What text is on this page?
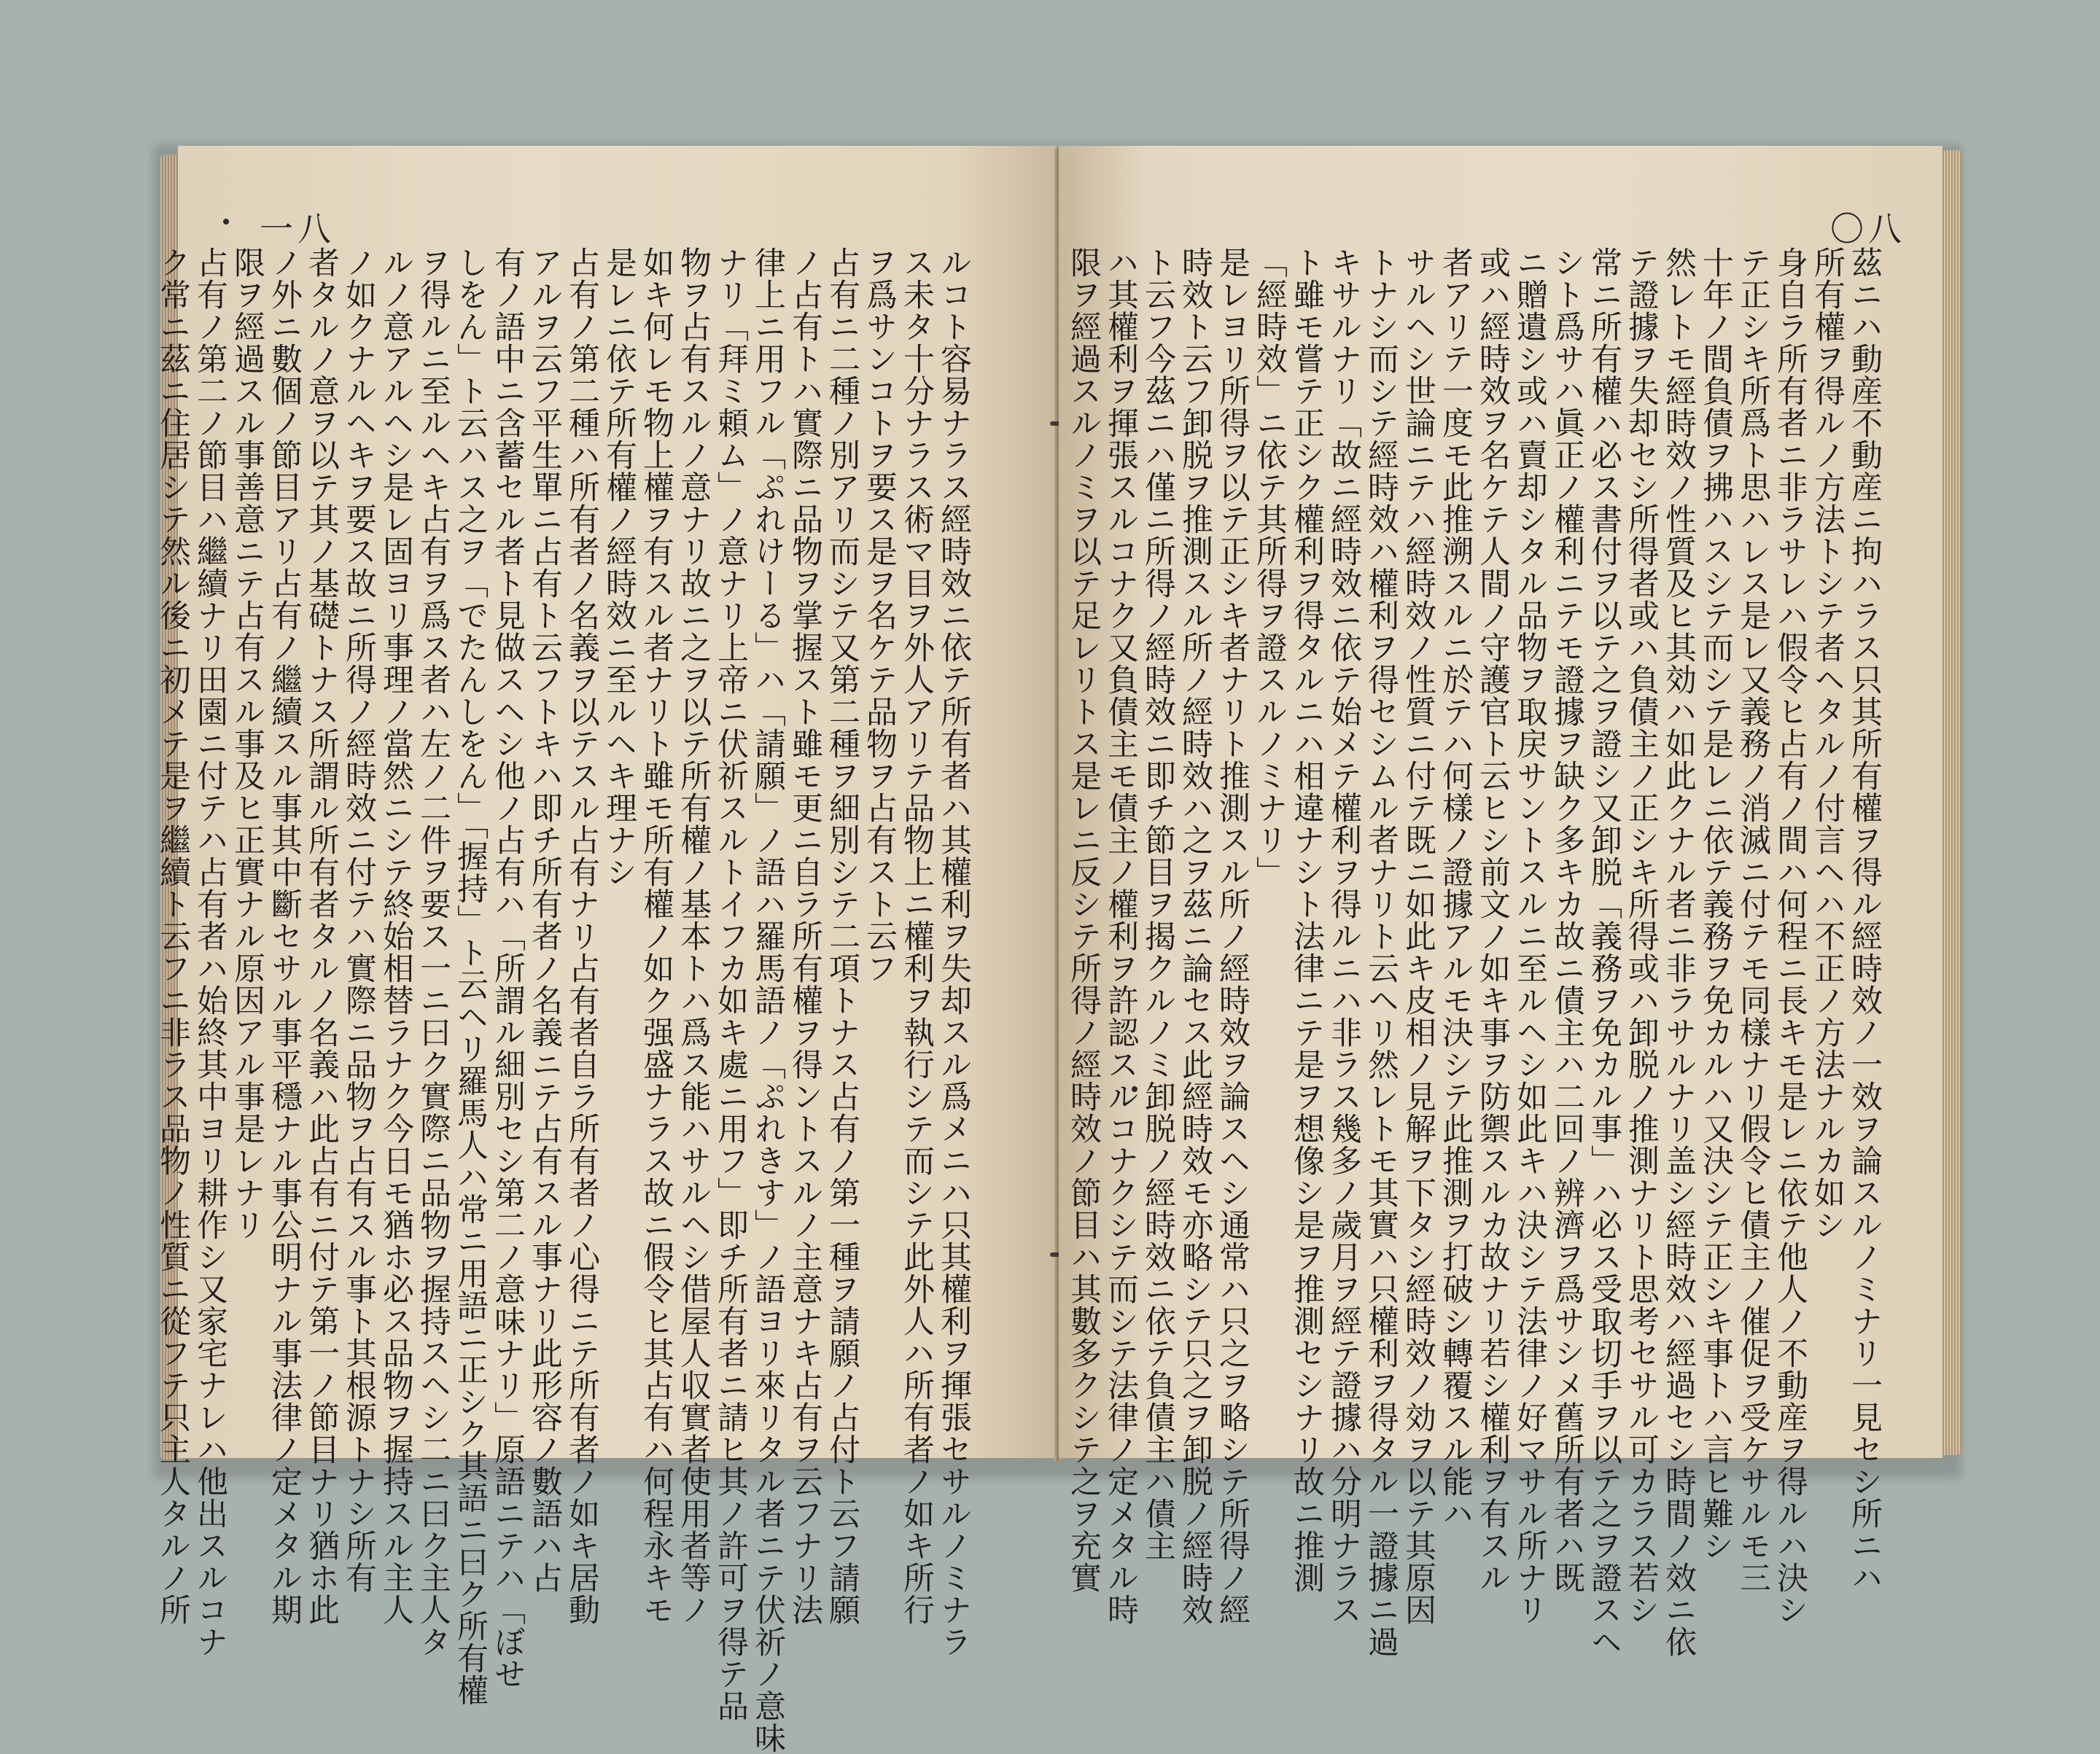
一八
ルコト容易ナラス經時效ニ依テ所有者ハ其權利ヲ失却スル爲メニハ只其權利ヲ揮張セサルノミナラ
ス未タ十分ナラス術マ目ヲ外人アリテ品物上ニ權利ヲ執行シテ而シテ此外人ハ所有者ノ如キ所行
ヲ爲サンコトヲ要ス是ヲ名ケテ品物ヲ占有スト云フ
占有ニ二種ノ別アリ而シテ又第二種ヲ細別シテ二項トナス占有ノ第一種ヲ請願ノ占付ト云フ請願
ノ占有トハ實際ニ品物ヲ掌握スト雖モ更ニ自ラ所有權ヲ得ントスルノ主意ナキ占有ヲ云フナリ法
律上ニ用フル「ぷれけーる」ハ「請願」ノ語ハ羅馬語ノ「ぷれきす」ノ語ヨリ來リタル者ニテ伏祈ノ意味
ナリ「拜ミ頼ム」ノ意ナリ上帝ニ伏祈スルトイフカ如キ處ニ用フ」即チ所有者ニ請ヒ其ノ許可ヲ得テ品
物ヲ占有スルノ意ナリ故ニ之ヲ以テ所有權ノ基本トハ爲ス能ハサルヘシ借屋人収實者使用者等ノ
如キ何レモ物上權ヲ有スル者ナリト雖モ所有權ノ如ク强盛ナラス故ニ假令ヒ其占有ハ何程永キモ
是レニ依テ所有權ノ經時效ニ至ルヘキ理ナシ
占有ノ第二種ハ所有者ノ名義ヲ以テスル占有ナリ占有者自ラ所有者ノ心得ニテ所有者ノ如キ居動
アルヲ云フ平生單ニ占有ト云フトキハ即チ所有者ノ名義ニテ占有スル事ナリ此形容ノ數語ハ占
有ノ語中ニ含蓄セル者ト見做スヘシ他ノ占有ハ「所謂ル細別セシ第二ノ意味ナリ」原語ニテハ「ぼせ
しをん」ト云ハス之ヲ「でたんしをん」「握持」ト云ヘリ羅馬人ハ常ニ用語ニ正シク其語ニ曰ク所有權
ヲ得ルニ至ルヘキ占有ヲ爲ス者ハ左ノ二件ヲ要ス一ニ曰ク實際ニ品物ヲ握持スヘシ二ニ曰ク主人タ
ルノ意アルヘシ是レ固ヨリ事理ノ當然ニシテ終始相替ラナク今日モ猶ホ必ス品物ヲ握持スル主人
ノ如クナルヘキヲ要ス故ニ所得ノ經時效ニ付テハ實際ニ品物ヲ占有スル事ト其根源トナシ所有
者タルノ意ヲ以テ其ノ基礎トナス所謂ル所有者タルノ名義ハ此占有ニ付テ第一ノ節目ナリ猶ホ此
ノ外ニ數個ノ節目アリ占有ノ繼續スル事其中斷セサル事平穩ナル事公明ナル事法律ノ定メタル期
限ヲ經過スル事善意ニテ占有スル事及ヒ正實ナル原因アル事是レナリ
占有ノ第二ノ節目ハ繼續ナリ田園ニ付テハ占有者ハ始終其中ヨリ耕作シ又家宅ナレハ他出スルコナ
ク常ニ茲ニ住居シテ然ル後ニ初メテ是ヲ繼續ト云フニ非ラス品物ノ性質ニ從フテ只主人タルノ所
〇八
茲ニハ動産不動産ニ拘ハラス只其所有權ヲ得ル經時效ノ一效ヲ論スルノミナリ一見セシ所ニハ
所有權ヲ得ルノ方法トシテ者ヘタルノ付言ヘハ不正ノ方法ナルカ如シ
身自ラ所有者ニ非ラサレハ假令ヒ占有ノ間ハ何程ニ長キモ是レニ依テ他人ノ不動産ヲ得ルハ決シ
テ正シキ所爲ト思ハレス是レ又義務ノ消滅ニ付テモ同樣ナリ假令ヒ債主ノ催促ヲ受ケサルモ三
十年ノ間負債ヲ拂ハスシテ而シテ是レニ依テ義務ヲ免カルハ又決シテ正シキ事トハ言ヒ難シ
然レトモ經時效ノ性質及ヒ其効ハ如此クナル者ニ非ラサルナリ盖シ經時效ハ經過セシ時間ノ效ニ依
テ證據ヲ失却セシ所得者或ハ負債主ノ正シキ所得或ハ卸脱ノ推測ナリト思考セサル可カラス若シ
常ニ所有權ハ必ス書付ヲ以テ之ヲ證シ又卸脱「義務ヲ免カル事」ハ必ス受取切手ヲ以テ之ヲ證スヘ
シト爲サハ眞正ノ權利ニテモ證據ヲ缺ク多キカ故ニ債主ハ二回ノ辨濟ヲ爲サシメ舊所有者ハ既
ニ贈遺シ或ハ賣却シタル品物ヲ取戻サントスルニ至ルヘシ如此キハ決シテ法律ノ好マサル所ナリ
或ハ經時效ヲ名ケテ人間ノ守護官ト云ヒシ前文ノ如キ事ヲ防禦スルカ故ナリ若シ權利ヲ有スル
者アリテ一度モ此推溯スルニ於テハ何樣ノ證據アルモ決シテ此推測ヲ打破シ轉覆スル能ハ
サルヘシ世論ニテハ經時效ノ性質ニ付テ既ニ如此キ皮相ノ見解ヲ下タシ經時效ノ効ヲ以テ其原因
トナシ而シテ經時效ハ權利ヲ得セシムル者ナリト云ヘリ然レトモ其實ハ只權利ヲ得タル一證據ニ過
キサルナリ「故ニ經時效ニ依テ始メテ權利ヲ得ルニハ非ラス幾多ノ歲月ヲ經テ證據ハ分明ナラス
ト雖モ嘗テ正シク權利ヲ得タルニハ相違ナシト法律ニテ是ヲ想像シ是ヲ推測セシナリ故ニ推測
「經時效」ニ依テ其所得ヲ證スルノミナリ」
是レヨリ所得ヲ以テ正シキ者ナリト推測スル所ノ經時效ヲ論スヘシ通常ハ只之ヲ略シテ所得ノ經
時效ト云フ卸脱ヲ推測スル所ノ經時效ハ之ヲ茲ニ論セス此經時效モ亦略シテ只之ヲ卸脱ノ經時效
ト云フ今茲ニハ僅ニ所得ノ經時效ニ即チ節目ヲ揭クルノミ卸脱ノ經時效ニ依テ負債主ハ債主
ハ其權利ヲ揮張スルコナク又負債主モ債主ノ權利ヲ許認スルコナクシテ而シテ法律ノ定メタル時
限ヲ經過スルノミヲ以テ足レリトス是レニ反シテ所得ノ經時效ノ節目ハ其數多クシテ之ヲ充實
